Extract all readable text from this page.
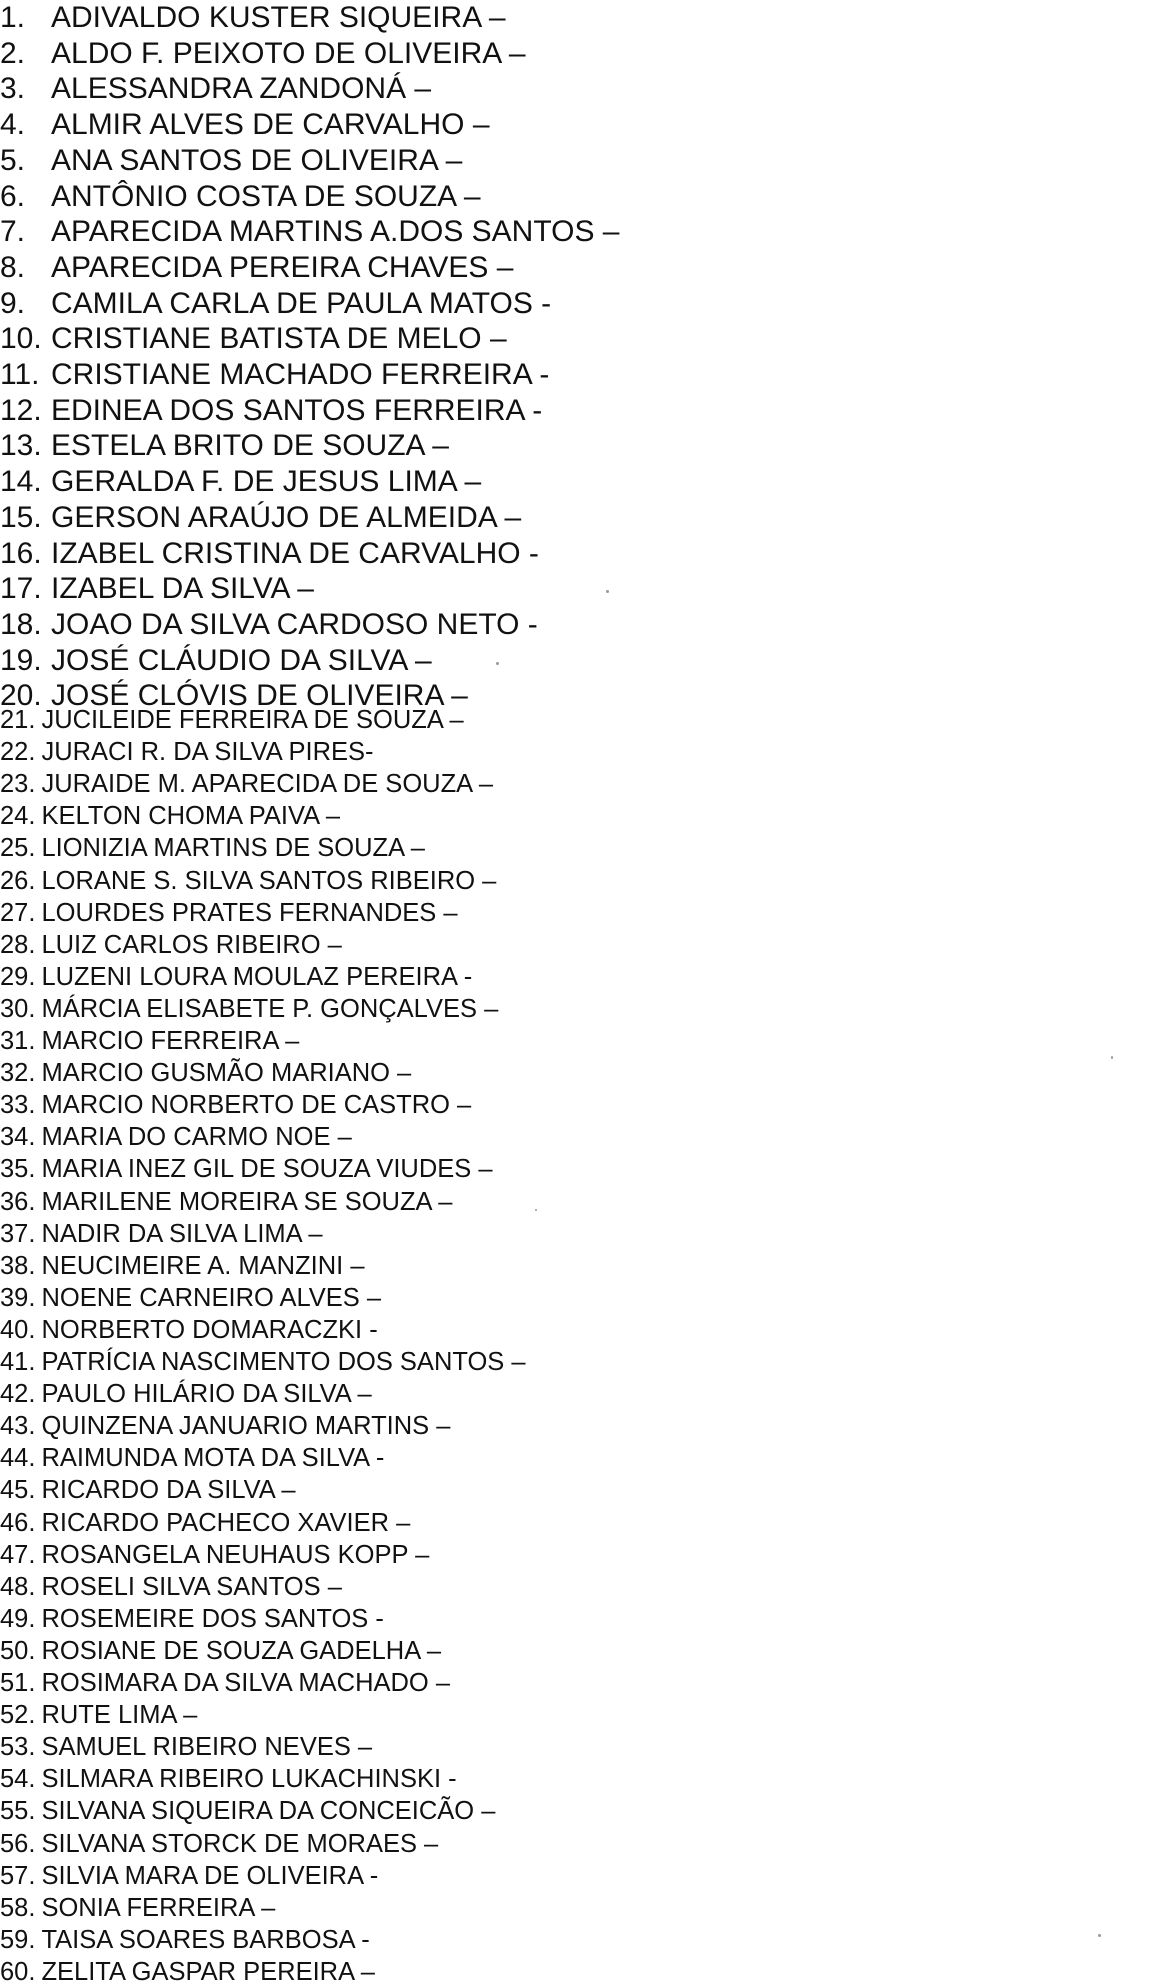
1. ADIVALDO KUSTER SIQUEIRA –
2. ALDO F. PEIXOTO DE OLIVEIRA –
3. ALESSANDRA ZANDONÁ –
4. ALMIR ALVES DE CARVALHO –
5. ANA SANTOS DE OLIVEIRA –
6. ANTÔNIO COSTA DE SOUZA –
7. APARECIDA MARTINS A.DOS SANTOS –
8. APARECIDA PEREIRA CHAVES –
9. CAMILA CARLA DE PAULA MATOS -
10. CRISTIANE BATISTA DE MELO –
11. CRISTIANE MACHADO FERREIRA -
12. EDINEA DOS SANTOS FERREIRA -
13. ESTELA BRITO DE SOUZA –
14. GERALDA F. DE JESUS LIMA –
15. GERSON ARAÚJO DE ALMEIDA –
16. IZABEL CRISTINA DE CARVALHO -
17. IZABEL DA SILVA –
18. JOAO DA SILVA CARDOSO NETO -
19. JOSÉ CLÁUDIO DA SILVA –
20. JOSÉ CLÓVIS DE OLIVEIRA –
21. JUCILEIDE FERREIRA DE SOUZA –
22. JURACI R. DA SILVA PIRES-
23. JURAIDE M. APARECIDA DE SOUZA –
24. KELTON CHOMA PAIVA –
25. LIONIZIA MARTINS DE SOUZA –
26. LORANE S. SILVA SANTOS RIBEIRO –
27. LOURDES PRATES FERNANDES –
28. LUIZ CARLOS RIBEIRO –
29. LUZENI LOURA MOULAZ PEREIRA -
30. MÁRCIA ELISABETE P. GONÇALVES –
31. MARCIO FERREIRA –
32. MARCIO GUSMÃO MARIANO –
33. MARCIO NORBERTO DE CASTRO –
34. MARIA DO CARMO NOE –
35. MARIA INEZ GIL DE SOUZA VIUDES –
36. MARILENE MOREIRA SE SOUZA –
37. NADIR DA SILVA LIMA –
38. NEUCIMEIRE A. MANZINI –
39. NOENE CARNEIRO ALVES –
40. NORBERTO DOMARACZKI -
41. PATRÍCIA NASCIMENTO DOS SANTOS –
42. PAULO HILÁRIO DA SILVA –
43. QUINZENA JANUARIO MARTINS –
44. RAIMUNDA MOTA DA SILVA -
45. RICARDO DA SILVA –
46. RICARDO PACHECO XAVIER –
47. ROSANGELA NEUHAUS KOPP –
48. ROSELI SILVA SANTOS –
49. ROSEMEIRE DOS SANTOS -
50. ROSIANE DE SOUZA GADELHA –
51. ROSIMARA DA SILVA MACHADO –
52. RUTE LIMA –
53. SAMUEL RIBEIRO NEVES –
54. SILMARA RIBEIRO LUKACHINSKI -
55. SILVANA SIQUEIRA DA CONCEICÃO –
56. SILVANA STORCK DE MORAES –
57. SILVIA MARA DE OLIVEIRA -
58. SONIA FERREIRA –
59. TAISA SOARES BARBOSA -
60. ZELITA GASPAR PEREIRA –
